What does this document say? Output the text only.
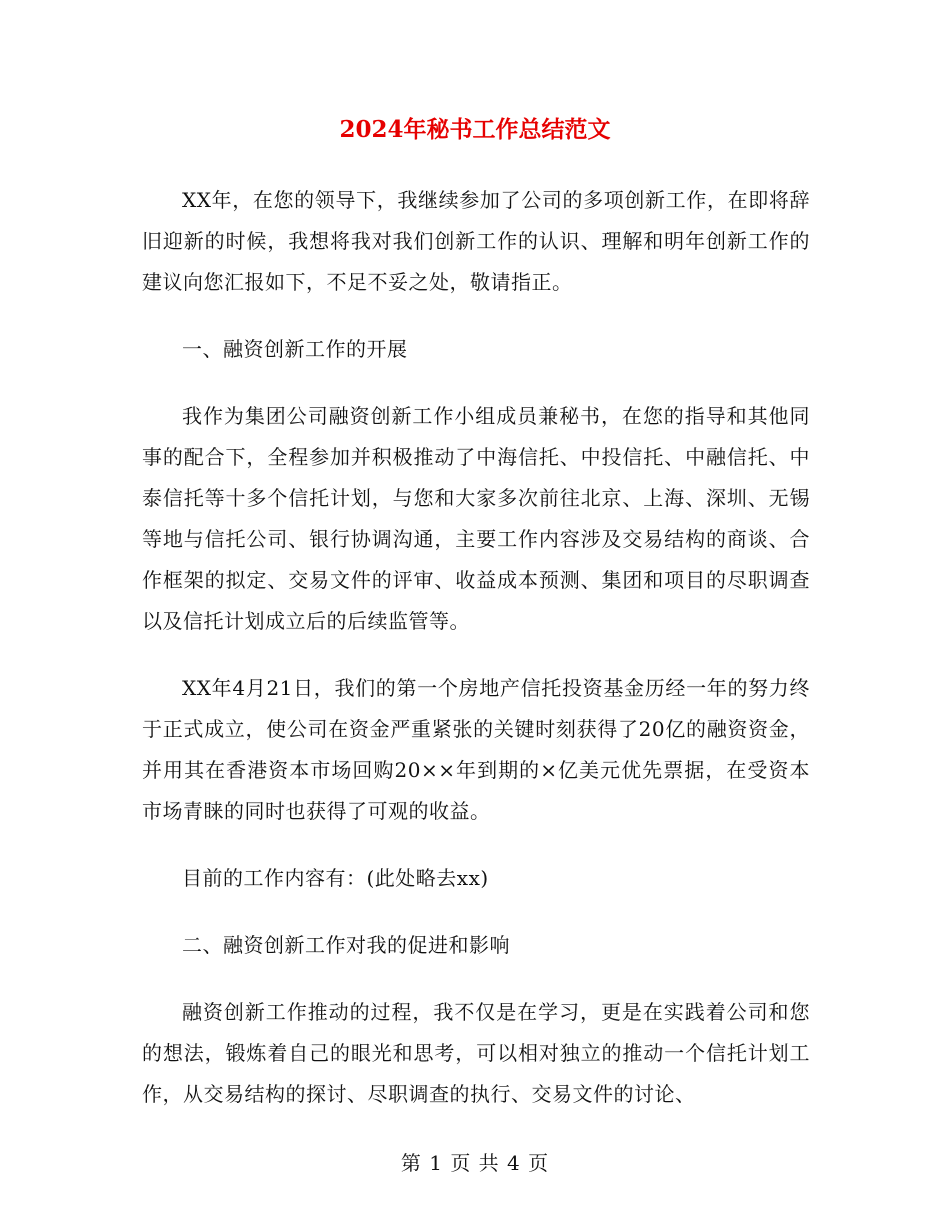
2024年秘书工作总结范文

XX年，在您的领导下，我继续参加了公司的多项创新工作，在即将辞旧迎新的时候，我想将我对我们创新工作的认识、理解和明年创新工作的建议向您汇报如下，不足不妥之处，敬请指正。

一、融资创新工作的开展

我作为集团公司融资创新工作小组成员兼秘书，在您的指导和其他同事的配合下，全程参加并积极推动了中海信托、中投信托、中融信托、中泰信托等十多个信托计划，与您和大家多次前往北京、上海、深圳、无锡等地与信托公司、银行协调沟通，主要工作内容涉及交易结构的商谈、合作框架的拟定、交易文件的评审、收益成本预测、集团和项目的尽职调查以及信托计划成立后的后续监管等。

XX年4月21日，我们的第一个房地产信托投资基金历经一年的努力终于正式成立，使公司在资金严重紧张的关键时刻获得了20亿的融资资金，并用其在香港资本市场回购20××年到期的×亿美元优先票据，在受资本市场青睐的同时也获得了可观的收益。

目前的工作内容有：(此处略去xx)

二、融资创新工作对我的促进和影响

融资创新工作推动的过程，我不仅是在学习，更是在实践着公司和您的想法，锻炼着自己的眼光和思考，可以相对独立的推动一个信托计划工作，从交易结构的探讨、尽职调查的执行、交易文件的讨论、

第 1 页 共 4 页
